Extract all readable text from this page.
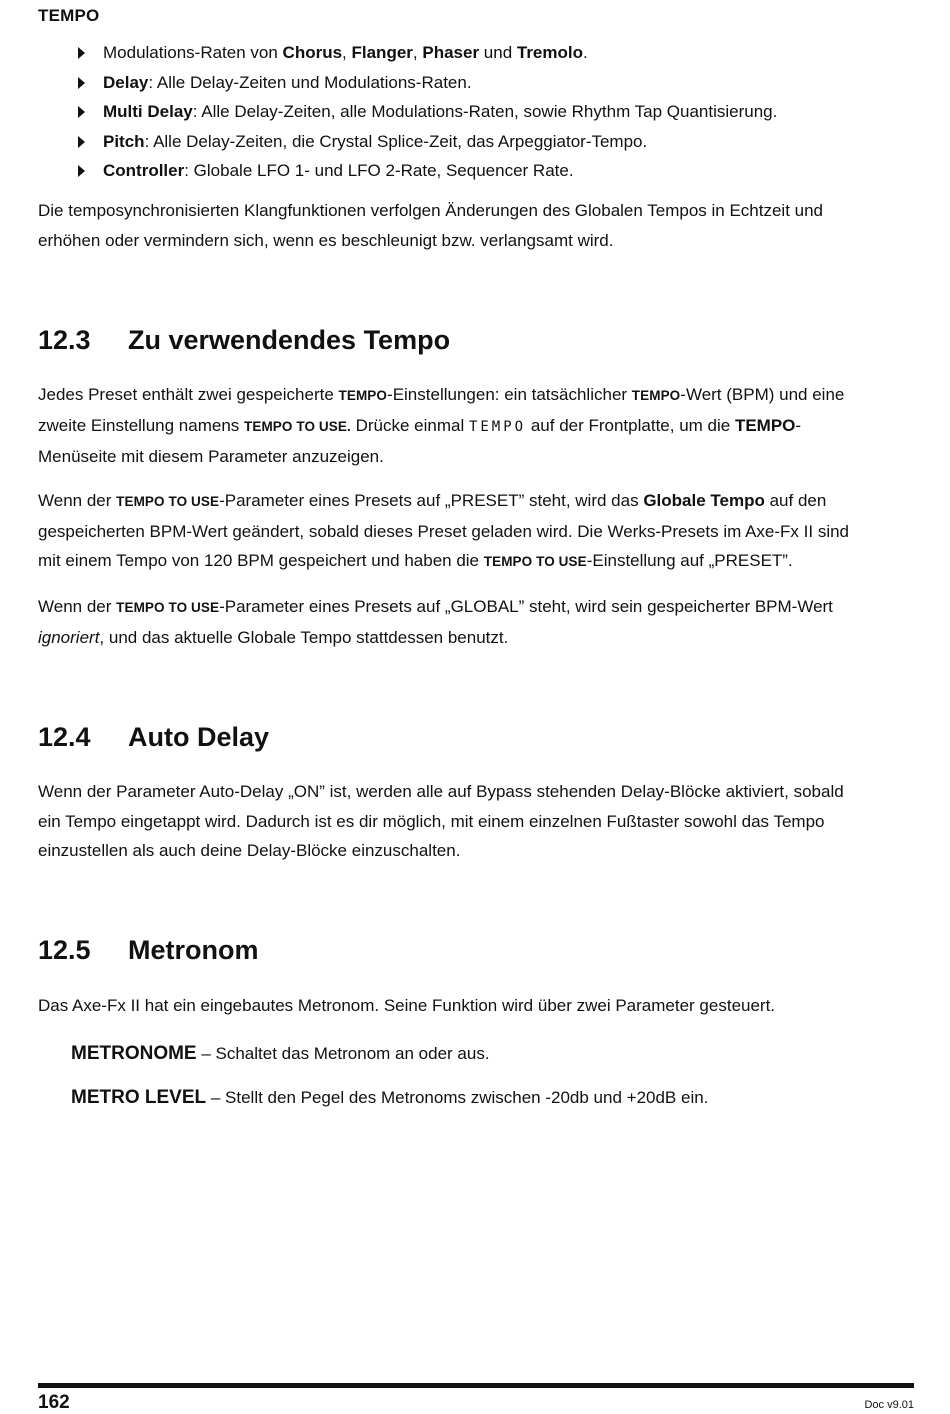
TEMPO
Modulations-Raten von Chorus, Flanger, Phaser und Tremolo.
Delay: Alle Delay-Zeiten und Modulations-Raten.
Multi Delay: Alle Delay-Zeiten, alle Modulations-Raten, sowie Rhythm Tap Quantisierung.
Pitch: Alle Delay-Zeiten, die Crystal Splice-Zeit, das Arpeggiator-Tempo.
Controller: Globale LFO 1- und LFO 2-Rate, Sequencer Rate.

Die temposynchronisierten Klangfunktionen verfolgen Änderungen des Globalen Tempos in Echtzeit und

erhöhen oder vermindern sich, wenn es beschleunigt bzw. verlangsamt wird.

12.3 Zu verwendendes Tempo

Jedes Preset enthält zwei gespeicherte TEMPO-Einstellungen: ein tatsächlicher TEMPO-Wert (BPM) und eine

zweite Einstellung namens TEMPO TO USE. Drücke einmal TEMPO auf der Frontplatte, um die TEMPO-

Menüseite mit diesem Parameter anzuzeigen.

Wenn der TEMPO TO USE-Parameter eines Presets auf „PRESET” steht, wird das Globale Tempo auf den

gespeicherten BPM-Wert geändert, sobald dieses Preset geladen wird. Die Werks-Presets im Axe-Fx II sind

mit einem Tempo von 120 BPM gespeichert und haben die TEMPO TO USE-Einstellung auf „PRESET”.

Wenn der TEMPO TO USE-Parameter eines Presets auf „GLOBAL” steht, wird sein gespeicherter BPM-Wert

ignoriert, und das aktuelle Globale Tempo stattdessen benutzt.

12.4 Auto Delay

Wenn der Parameter Auto-Delay „ON” ist, werden alle auf Bypass stehenden Delay-Blöcke aktiviert, sobald

ein Tempo eingetappt wird. Dadurch ist es dir möglich, mit einem einzelnen Fußtaster sowohl das Tempo

einzustellen als auch deine Delay-Blöcke einzuschalten.

12.5 Metronom

Das Axe-Fx II hat ein eingebautes Metronom. Seine Funktion wird über zwei Parameter gesteuert.

METRONOME – Schaltet das Metronom an oder aus.
METRO LEVEL – Stellt den Pegel des Metronoms zwischen -20db und +20dB ein.
162	Doc v9.01
